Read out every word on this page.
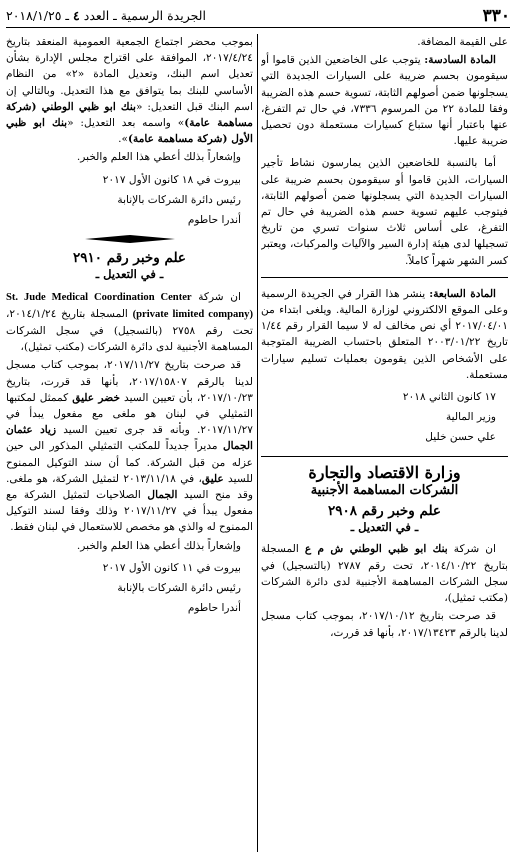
٣٣٠
الجريدة الرسمية ـ العدد ٤ ـ ٢٠١٨/١/٢٥

على القيمة المضافة.

المادة السادسة: يتوجب على الخاضعين الذين قاموا أو سيقومون بحسم ضريبة على السيارات الجديدة التي يسجلونها ضمن أصولهم الثابتة، تسوية حسم هذه الضريبة وفقا للمادة ٢٢ من المرسوم ٧٣٣٦، في حال تم التفرغ، عنها باعتبار أنها ستباع كسيارات مستعملة دون تحصيل ضريبة عليها.

أما بالنسبة للخاضعين الذين يمارسون نشاط تأجير السيارات، الذين قاموا أو سيقومون بحسم ضريبة على السيارات الجديدة التي يسجلونها ضمن أصولهم الثابتة، فيتوجب عليهم تسوية حسم هذه الضريبة في حال تم التفرغ، على أساس ثلاث سنوات تسري من تاريخ تسجيلها لدى هيئة إدارة السير والآليات والمركبات، ويعتبر كسر الشهر شهراً كاملاً.

المادة السابعة: ينشر هذا القرار في الجريدة الرسمية وعلى الموقع الالكتروني لوزارة المالية. ويلغى ابتداء من ٢٠١٧/٠٤/٠١ أي نص مخالف له لا سيما القرار رقم ١/٤٤ تاريخ ٢٠٠٣/٠١/٢٢ المتعلق باحتساب الضريبة المتوجبة على الأشخاص الذين يقومون بعمليات تسليم سيارات مستعملة.

١٧ كانون الثاني ٢٠١٨
وزير المالية
علي حسن خليل
وزارة الاقتصاد والتجارة
الشركات المساهمة الأجنبية
علم وخبر رقم ٢٩٠٨
ـ في التعديل ـ

ان شركة بنك ابو ظبي الوطني ش م ع المسجلة بتاريخ ٢٠١٤/١٠/٢٢، تحت رقم ٢٧٨٧ (بالتسجيل) في سجل الشركات المساهمة الأجنبية لدى دائرة الشركات (مكتب تمثيل)،

قد صرحت بتاريخ ٢٠١٧/١٠/١٢، بموجب كتاب مسجل لدينا بالرقم ٢٠١٧/١٣٤٢٣، بأنها قد قررت،

بموجب محضر اجتماع الجمعية العمومية المنعقد بتاريخ ٢٠١٧/٤/٢٤، الموافقة على اقتراح مجلس الإدارة بشأن تعديل اسم البنك، وتعديل المادة «٢» من النظام الأساسي للبنك بما يتوافق مع هذا التعديل. وبالتالي إن اسم البنك قبل التعديل: «بنك ابو ظبي الوطني (شركة مساهمة عامة)» واسمه بعد التعديل: «بنك ابو ظبي الأول (شركة مساهمة عامة)».

وإشعاراً بذلك أعطي هذا العلم والخبر.

بيروت في ١٨ كانون الأول ٢٠١٧
رئيس دائرة الشركات بالإنابة
أندرا حاطوم
علم وخبر رقم ٢٩١٠
ـ في التعديل ـ

ان شركة St. Jude Medical Coordination Center (private limited company) المسجلة بتاريخ ٢٠١٤/١/٢٤، تحت رقم ٢٧٥٨ (بالتسجيل) في سجل الشركات المساهمة الأجنبية لدى دائرة الشركات (مكتب تمثيل)،

قد صرحت بتاريخ ٢٠١٧/١١/٢٧، بموجب كتاب مسجل لدينا بالرقم ٢٠١٧/١٥٨٠٧، بأنها قد قررت، بتاريخ ٢٠١٧/١٠/٢٣، بأن تعيين السيد خضر عليق كممثل لمكتبها التمثيلي في لبنان هو ملغى مع مفعول يبدأ في ٢٠١٧/١١/٢٧. وبأنه قد جرى تعيين السيد زياد عثمان الجمال مديراً جديداً للمكتب التمثيلي المذكور الى حين عزله من قبل الشركة. كما أن سند التوكيل الممنوح للسيد عليق، في ٢٠١٣/١١/١٨ لتمثيل الشركة، هو ملغى. وقد منح السيد الجمال الصلاحيات لتمثيل الشركة مع مفعول يبدأ في ٢٠١٧/١١/٢٧ وذلك وفقا لسند التوكيل الممنوح له والذي هو مخصص للاستعمال في لبنان فقط.

وإشعاراً بذلك أعطي هذا العلم والخبر.

بيروت في ١١ كانون الأول ٢٠١٧
رئيس دائرة الشركات بالإنابة
أندرا حاطوم
